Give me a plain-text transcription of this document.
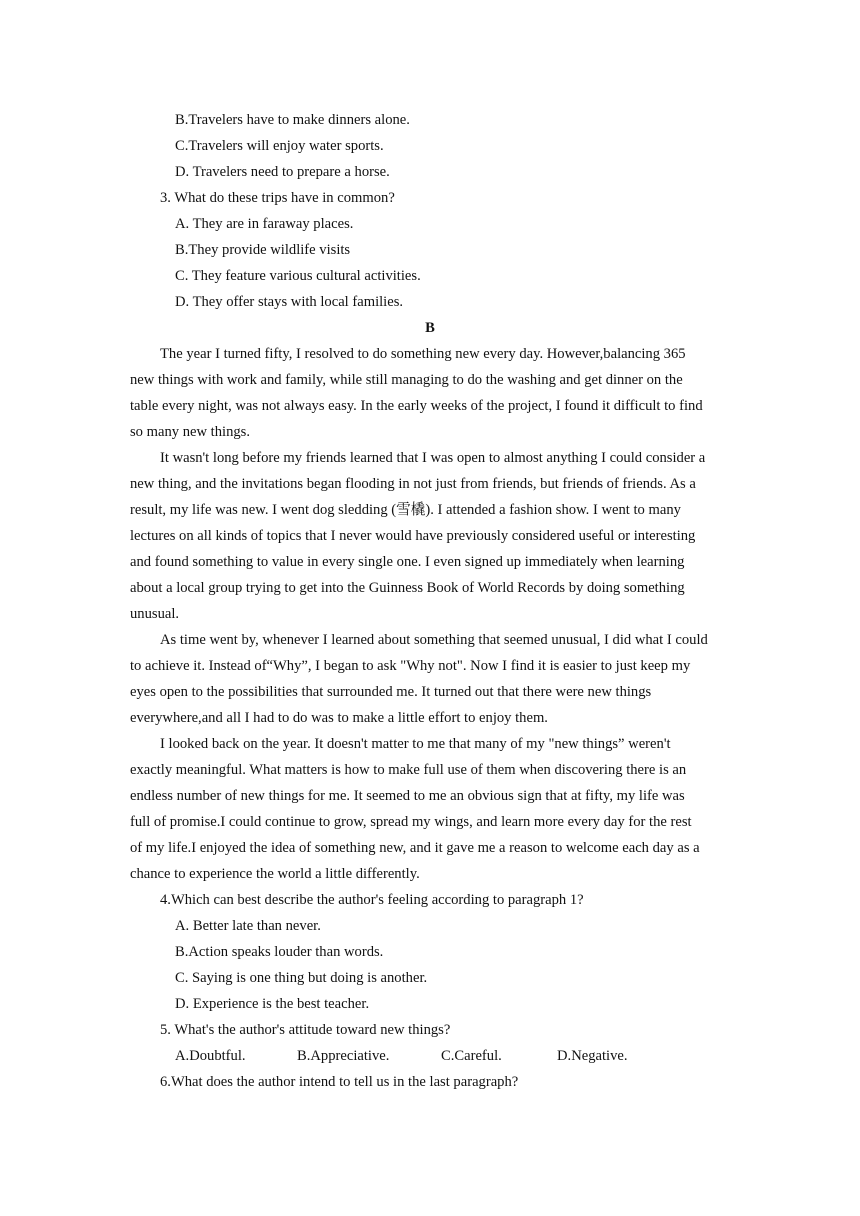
B.Travelers have to make dinners alone.
C.Travelers will enjoy water sports.
D. Travelers need to prepare a horse.
3. What do these trips have in common?
A. They are in faraway places.
B.They provide wildlife visits
C. They feature various cultural activities.
D. They offer stays with local families.
B
The year I turned fifty, I resolved to do something new every day. However,balancing 365
new things with work and family, while still managing to do the washing and get dinner on the
table every night, was not always easy. In the early weeks of the project, I found it difficult to find
so many new things.
It wasn't long before my friends learned that I was open to almost anything I could consider a
new thing, and the invitations began flooding in not just from friends, but friends of friends. As a
result, my life was new. I went dog sledding (雪橇). I attended a fashion show. I went to many
lectures on all kinds of topics that I never would have previously considered useful or interesting
and found something to value in every single one. I even signed up immediately when learning
about a local group trying to get into the Guinness Book of World Records by doing something
unusual.
As time went by, whenever I learned about something that seemed unusual, I did what I could
to achieve it. Instead of“Why”, I began to ask "Why not". Now I find it is easier to just keep my
eyes open to the possibilities that surrounded me. It turned out that there were new things
everywhere,and all I had to do was to make a little effort to enjoy them.
I looked back on the year. It doesn't matter to me that many of my "new things” weren't
exactly meaningful. What matters is how to make full use of them when discovering there is an
endless number of new things for me. It seemed to me an obvious sign that at fifty, my life was
full of promise.I could continue to grow, spread my wings, and learn more every day for the rest
of my life.I enjoyed the idea of something new, and it gave me a reason to welcome each day as a
chance to experience the world a little differently.
4.Which can best describe the author's feeling according to paragraph 1?
A. Better late than never.
B.Action speaks louder than words.
C. Saying is one thing but doing is another.
D. Experience is the best teacher.
5. What's the author's attitude toward new things?
A.Doubtful.	B.Appreciative.	C.Careful.	D.Negative.
6.What does the author intend to tell us in the last paragraph?
